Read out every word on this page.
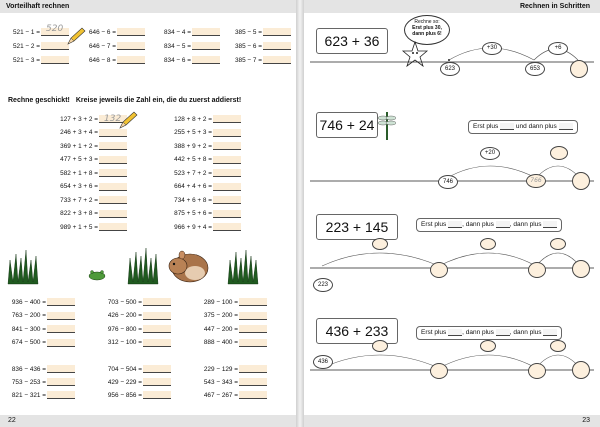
Vorteilhaft rechnen
521 − 1 =
521 − 2 =
521 − 3 =
520	646 − 6 =
646 − 7 =
646 − 8 =
834 − 4 =
834 − 5 =
834 − 6 =
385 − 5 =
385 − 6 =
385 − 7 =
Rechne geschickt! Kreise jeweils die Zahl ein, die du zuerst addierst!
127 + 3 + 2 =
246 + 3 + 4 =
369 + 1 + 2 =
477 + 5 + 3 =
582 + 1 + 8 =
654 + 3 + 6 =
733 + 7 + 2 =
822 + 3 + 8 =
989 + 1 + 5 =
128 + 8 + 2 =
255 + 5 + 3 =
388 + 9 + 2 =
442 + 5 + 8 =
523 + 7 + 2 =
664 + 4 + 6 =
734 + 6 + 8 =
875 + 5 + 6 =
966 + 9 + 4 =
132
936 − 400 =
763 − 200 =
841 − 300 =
674 − 500 =
703 − 500 =
426 − 200 =
976 − 800 =
312 − 100 =
289 − 100 =
375 − 200 =
447 − 200 =
888 − 400 =
836 − 436 =
753 − 253 =
821 − 321 =
704 − 504 =
429 − 229 =
956 − 856 =
229 − 129 =
543 − 343 =
467 − 267 =
22
Rechnen in Schritten
623 + 36
Rechne so:
Erst plus 30,
dann plus 6!
623
+30
653
+6
746 + 24	Erst plus	und dann plus
746
+20
766
223 + 145	Erst plus , dann plus , dann plus
223
436 + 233	Erst plus , dann plus , dann plus
436
23
